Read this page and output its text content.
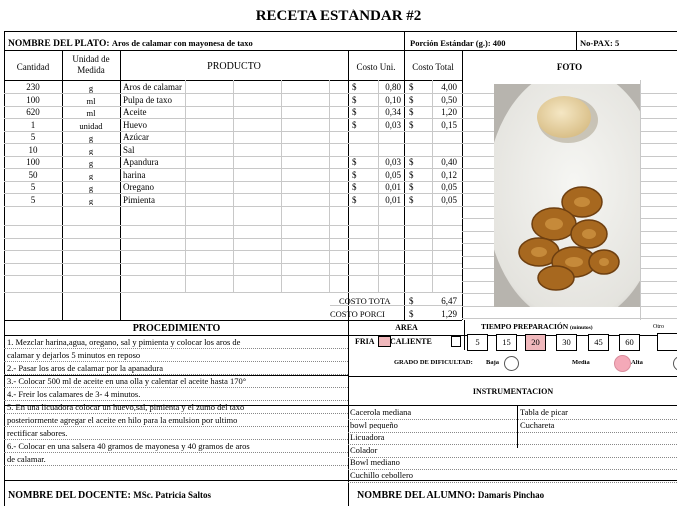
RECETA ESTÁNDAR #2
NOMBRE DEL PLATO: Aros de calamar con mayonesa de taxo	Porción Estándar (g.): 400	No-PAX: 5
Cantidad
Unidad de Medida	PRODUCTO	Costo Uni.	Costo Total	FOTO
230	g	Aros de calamar	$	0,80 $	4,00
100	ml	Pulpa de taxo	$	0,10 $	0,50
620	ml	Aceite	$	0,34 $	1,20
1	unidad	Huevo	$	0,03 $	0,15
5	g	Azúcar
10	g	Sal
100	g	Apandura	$	0,03 $	0,40
50	g	harina	$	0,05 $	0,12
5	g	Oregano	$	0,01 $	0,05
5	g	Pimienta	$	0,01 $	0,05
COSTO TOTA	$	6,47
COSTO PORCI	$	1,29
PROCEDIMIENTO
1. Mezclar harina,agua, oregano, sal y pimienta y colocar los aros de
calamar y dejarlos 5 minutos en reposo
2.- Pasar los aros de calamar por la apanadura
3.- Colocar 500 ml de aceite en una olla y calentar el aceite hasta 170°
4.- Freir los calamares de 3- 4 minutos.
5. En una licuadora colocar un huevo,sal, pimienta y el zumo del taxo
posteriormente agregar el aceite en hilo para la emulsion por ultimo
rectificar sabores.
6.- Colocar en una salsera 40 gramos de mayonesa y 40 gramos de aros
de calamar.
ÁREA
FRÍA CALIENTE
TIEMPO PREPARACIÓN (minutos)	Otro
5	15	20	30	45	60
GRADO DE DIFICULTAD: Baja	Media	Alta
INSTRUMENTACIÓN
Cacerola mediana
bowl pequeño
Licuadora
Colador
Bowl mediano
Cuchillo cebollero
Tabla de picar
Cuchareta
NOMBRE DEL DOCENTE: MSc. Patricia Saltos	NOMBRE DEL ALUMNO: Damaris Pinchao
